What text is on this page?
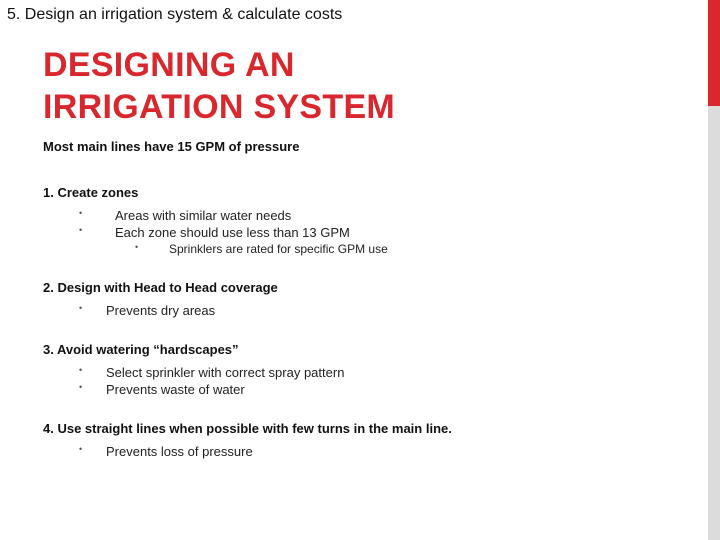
5. Design an irrigation system & calculate costs
DESIGNING AN
IRRIGATION SYSTEM
Most main lines have 15 GPM of pressure
1. Create zones
•	Areas with similar water needs
•	Each zone should use less than 13 GPM
•	Sprinklers are rated for specific GPM use
2. Design with Head to Head coverage
• Prevents dry areas
3. Avoid watering “hardscapes”
• Select sprinkler with correct spray pattern
• Prevents waste of water
4. Use straight lines when possible with few turns in the main line.
• Prevents loss of pressure
